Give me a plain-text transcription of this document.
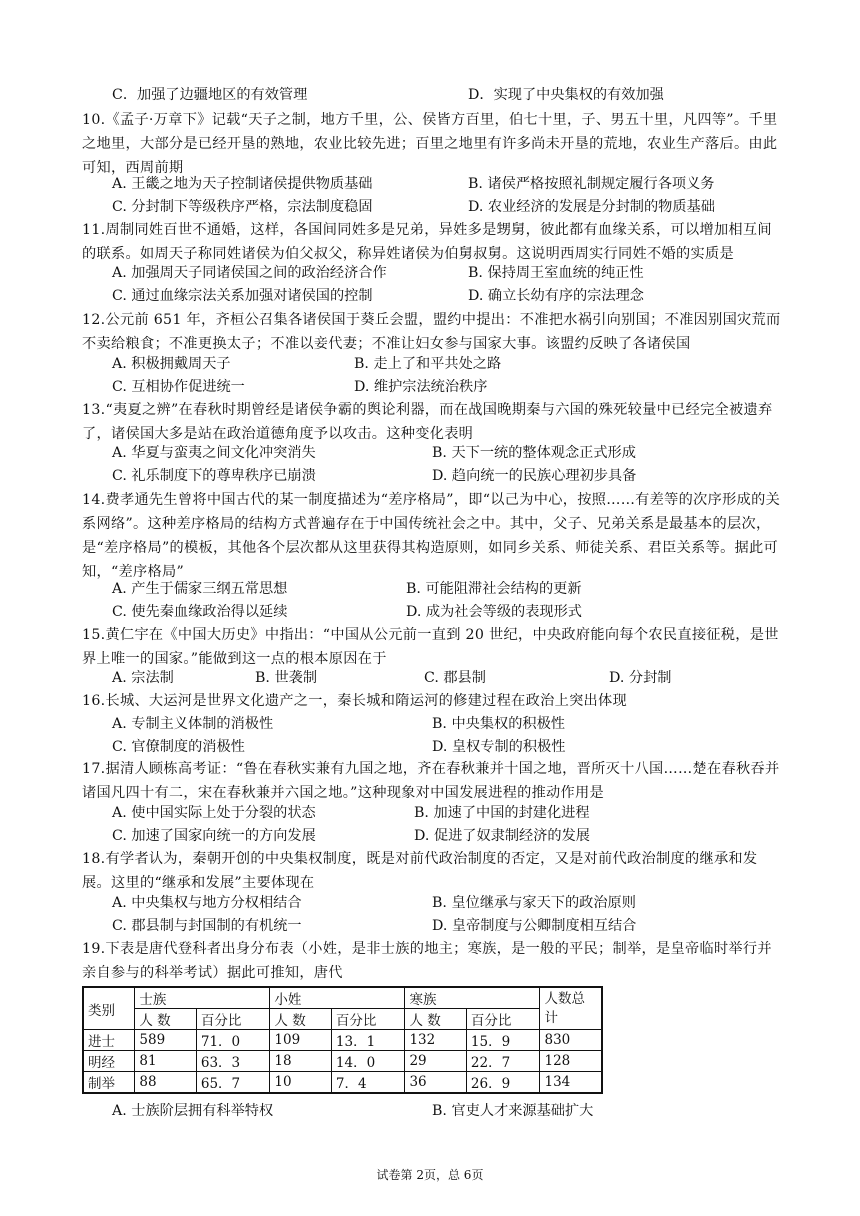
C．加强了边疆地区的有效管理	D．实现了中央集权的有效加强
10.《孟子·万章下》记载“天子之制，地方千里，公、侯皆方百里，伯七十里，子、男五十里，凡四等”。千里之地里，大部分是已经开垦的熟地，农业比较先进；百里之地里有许多尚未开垦的荒地，农业生产落后。由此可知，西周前期
A. 王畿之地为天子控制诸侯提供物质基础	B. 诸侯严格按照礼制规定履行各项义务
C. 分封制下等级秩序严格，宗法制度稳固	D. 农业经济的发展是分封制的物质基础
11.周制同姓百世不通婚，这样，各国间同姓多是兄弟，异姓多是甥舅，彼此都有血缘关系，可以增加相互间的联系。如周天子称同姓诸侯为伯父叔父，称异姓诸侯为伯舅叔舅。这说明西周实行同姓不婚的实质是
A. 加强周天子同诸侯国之间的政治经济合作	B. 保持周王室血统的纯正性
C. 通过血缘宗法关系加强对诸侯国的控制	D. 确立长幼有序的宗法理念
12.公元前 651 年，齐桓公召集各诸侯国于葵丘会盟，盟约中提出：不准把水祸引向别国；不准因别国灾荒而不卖给粮食；不准更换太子；不准以妾代妻；不准让妇女参与国家大事。该盟约反映了各诸侯国
A. 积极拥戴周天子	B. 走上了和平共处之路
C. 互相协作促进统一	D. 维护宗法统治秩序
13.“夷夏之辨”在春秋时期曾经是诸侯争霸的舆论利器，而在战国晚期秦与六国的殊死较量中已经完全被遗弃了，诸侯国大多是站在政治道德角度予以攻击。这种变化表明
A. 华夏与蛮夷之间文化冲突消失	B. 天下一统的整体观念正式形成
C. 礼乐制度下的尊卑秩序已崩溃	D. 趋向统一的民族心理初步具备
14.费孝通先生曾将中国古代的某一制度描述为“差序格局”，即“以己为中心，按照……有差等的次序形成的关系网络”。这种差序格局的结构方式普遍存在于中国传统社会之中。其中，父子、兄弟关系是最基本的层次，是“差序格局”的模板，其他各个层次都从这里获得其构造原则，如同乡关系、师徒关系、君臣关系等。据此可知，“差序格局”
A. 产生于儒家三纲五常思想	B. 可能阻滞社会结构的更新
C. 使先秦血缘政治得以延续	D. 成为社会等级的表现形式
15.黄仁宇在《中国大历史》中指出：“中国从公元前一直到 20 世纪，中央政府能向每个农民直接征税，是世界上唯一的国家。”能做到这一点的根本原因在于
A. 宗法制	B. 世袭制	C. 郡县制	D. 分封制
16.长城、大运河是世界文化遗产之一，秦长城和隋运河的修建过程在政治上突出体现
A. 专制主义体制的消极性	B. 中央集权的积极性
C. 官僚制度的消极性	D. 皇权专制的积极性
17.据清人顾栋高考证：“鲁在春秋实兼有九国之地，齐在春秋兼并十国之地，晋所灭十八国……楚在春秋吞并诸国凡四十有二，宋在春秋兼并六国之地。”这种现象对中国发展进程的推动作用是
A. 使中国实际上处于分裂的状态	B. 加速了中国的封建化进程
C. 加速了国家向统一的方向发展	D. 促进了奴隶制经济的发展
18.有学者认为，秦朝开创的中央集权制度，既是对前代政治制度的否定，又是对前代政治制度的继承和发展。这里的“继承和发展”主要体现在
A. 中央集权与地方分权相结合	B. 皇位继承与家天下的政治原则
C. 郡县制与封国制的有机统一	D. 皇帝制度与公卿制度相互结合
19.下表是唐代登科者出身分布表（小姓，是非士族的地主；寒族，是一般的平民；制举，是皇帝临时举行并亲自参与的科举考试）据此可推知，唐代
类别	士族		小姓		寒族		人数总 计
	人 数	百分比	人 数	百分比	人 数	百分比	
进士	589	71．0	109	13．1	132	15．9	830
明经	81	63．3	18	14．0	29	22．7	128
制举	88	65．7	10	7．4	36	26．9	134
A. 士族阶层拥有科举特权	B. 官吏人才来源基础扩大
试卷第 2页，总 6页
